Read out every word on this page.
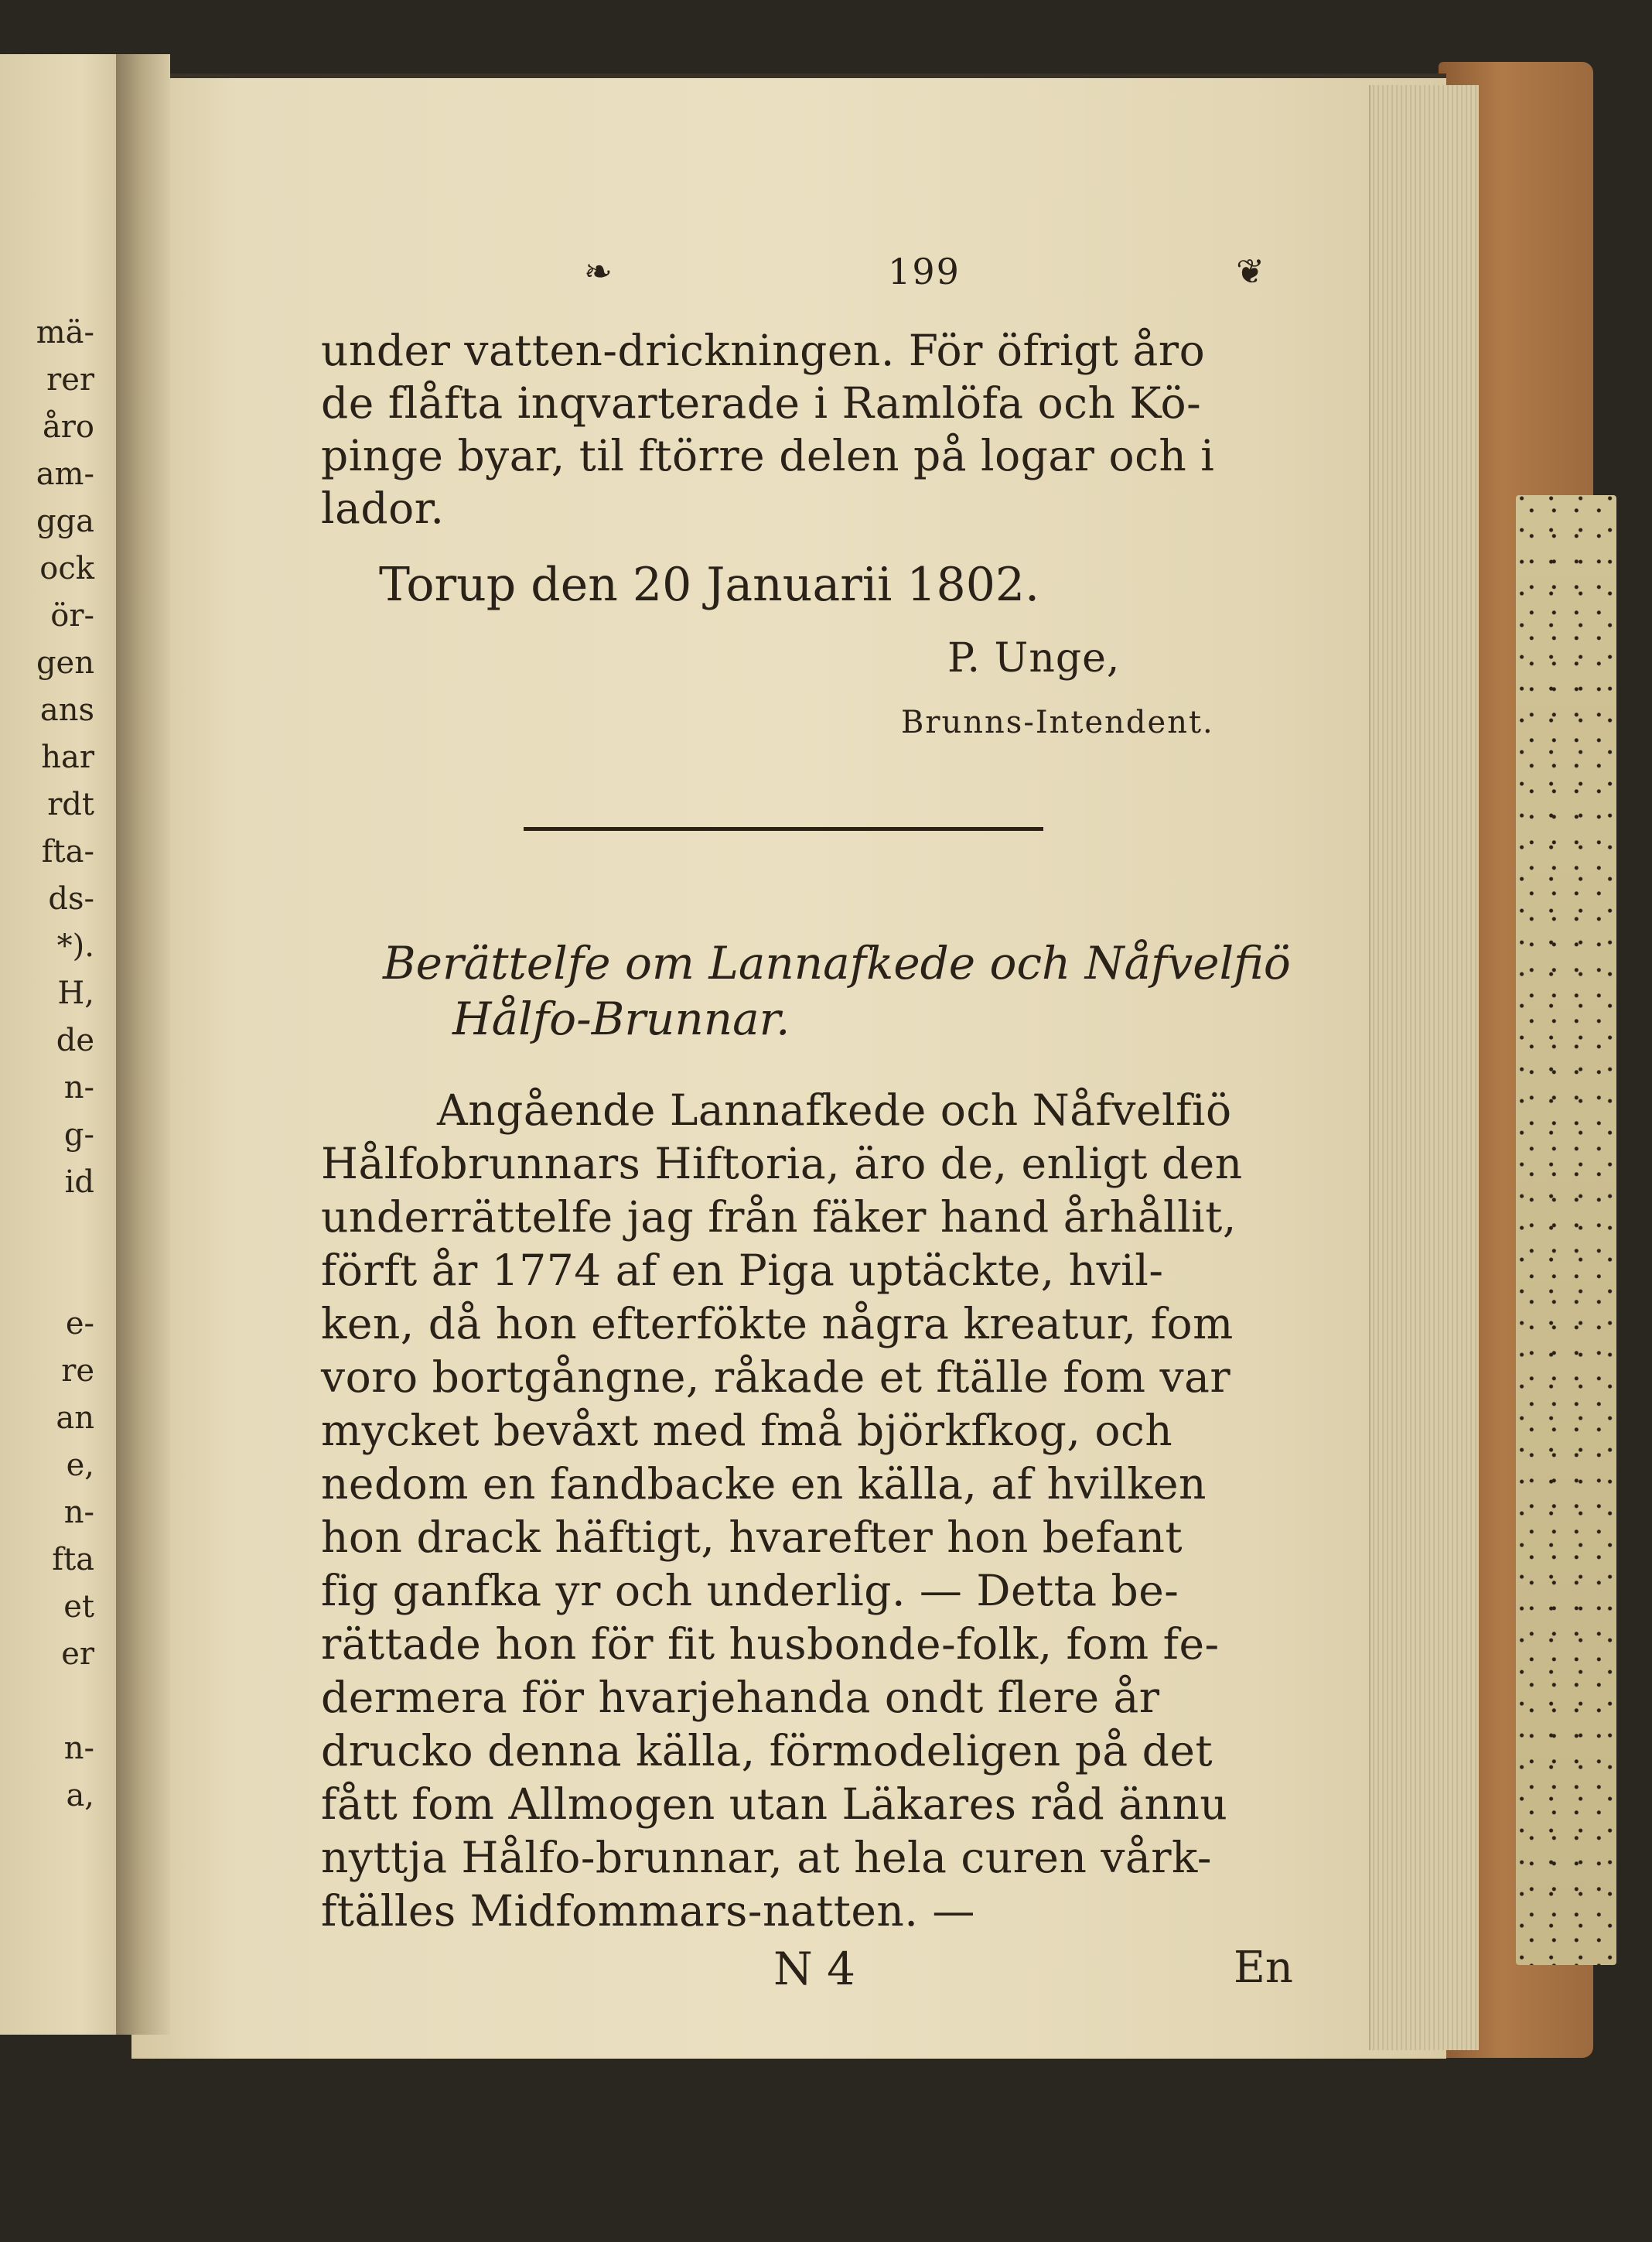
mä-
rer
åro
am-
gga
ock
ör-
gen
ans
har
rdt
fta-
ds-
*).
H,
de
n-
g-
id

e-
re
an
e,
n-
fta
et
er

n-
a,
❧	199	❦
under vatten-drickningen. För öfrigt åro
de flåfta inqvarterade i Ramlöfa och Kö-
pinge byar, til ftörre delen på logar och i
lador.
Torup den 20 Januarii 1802.
P. Unge,
Brunns-Intendent.
Berättelfe om Lannafkede och Nåfvelfiö
Hålfo-Brunnar.
Angående Lannafkede och Nåfvelfiö
Hålfobrunnars Hiftoria, äro de, enligt den
underrättelfe jag från fäker hand århållit,
förft år 1774 af en Piga uptäckte, hvil-
ken, då hon efterfökte några kreatur, fom
voro bortgångne, råkade et ftälle fom var
mycket bevåxt med fmå björkfkog, och
nedom en fandbacke en källa, af hvilken
hon drack häftigt, hvarefter hon befant
fig ganfka yr och underlig. — Detta be-
rättade hon för fit husbonde-folk, fom fe-
dermera för hvarjehanda ondt flere år
drucko denna källa, förmodeligen på det
fått fom Allmogen utan Läkares råd ännu
nyttja Hålfo-brunnar, at hela curen vårk-
ftälles Midfommars-natten. —
N 4	En
